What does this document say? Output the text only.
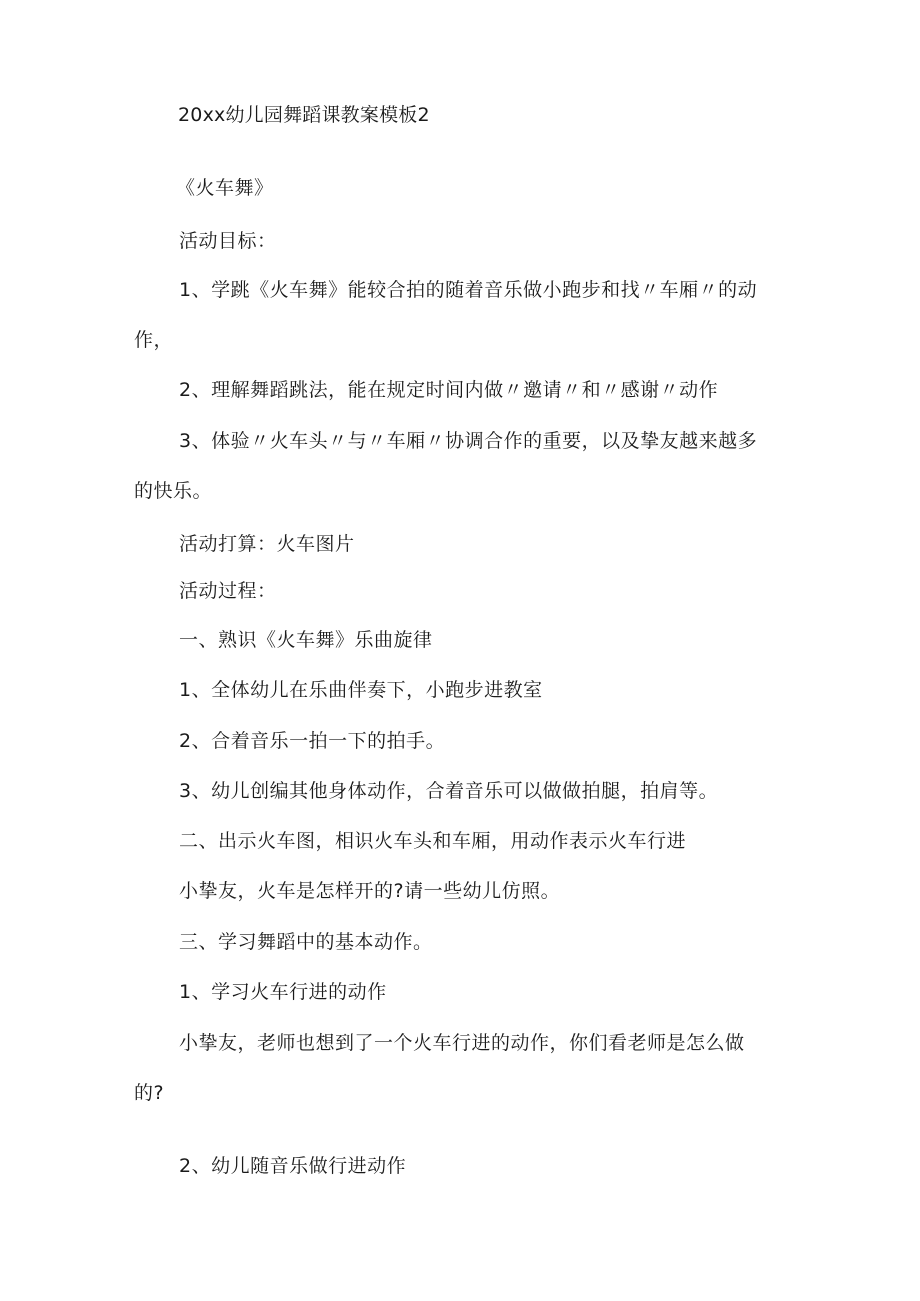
20xx幼儿园舞蹈课教案模板2
《火车舞》
活动目标：
1、学跳《火车舞》能较合拍的随着音乐做小跑步和找〃车厢〃的动
作，
2、理解舞蹈跳法，能在规定时间内做〃邀请〃和〃感谢〃动作
3、体验〃火车头〃与〃车厢〃协调合作的重要，以及挚友越来越多
的快乐。
活动打算：火车图片
活动过程：
一、熟识《火车舞》乐曲旋律
1、全体幼儿在乐曲伴奏下，小跑步进教室
2、合着音乐一拍一下的拍手。
3、幼儿创编其他身体动作，合着音乐可以做做拍腿，拍肩等。
二、出示火车图，相识火车头和车厢，用动作表示火车行进
小挚友，火车是怎样开的?请一些幼儿仿照。
三、学习舞蹈中的基本动作。
1、学习火车行进的动作
小挚友，老师也想到了一个火车行进的动作，你们看老师是怎么做
的?
2、幼儿随音乐做行进动作
